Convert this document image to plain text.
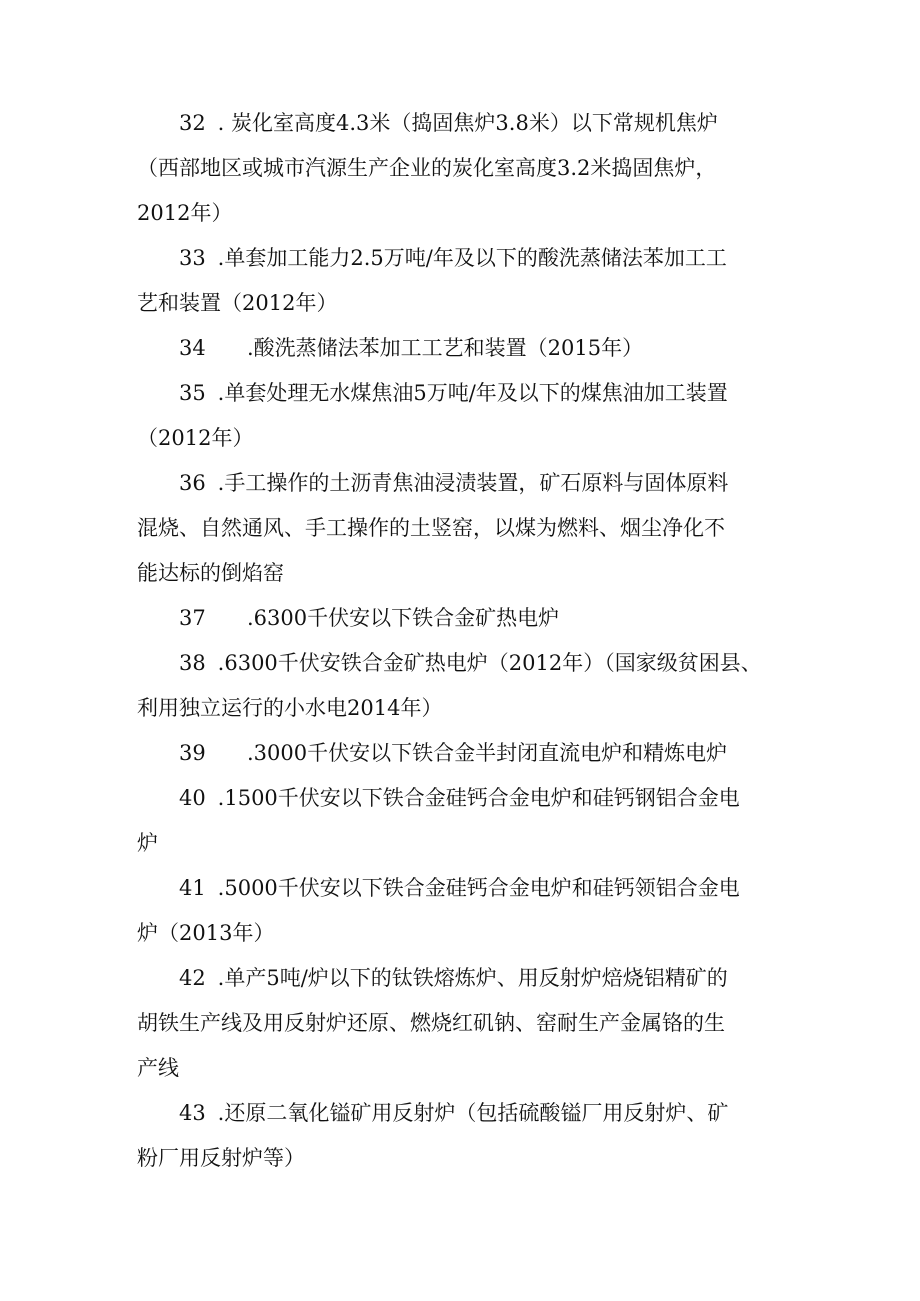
32 . 炭化室高度4.3米（捣固焦炉3.8米）以下常规机焦炉
（西部地区或城市汽源生产企业的炭化室高度3.2米捣固焦炉，
2012年）
33 .单套加工能力2.5万吨/年及以下的酸洗蒸储法苯加工工
艺和装置（2012年）
34 .酸洗蒸储法苯加工工艺和装置（2015年）
35 .单套处理无水煤焦油5万吨/年及以下的煤焦油加工装置
（2012年）
36 .手工操作的土沥青焦油浸渍装置，矿石原料与固体原料
混烧、自然通风、手工操作的土竖窑，以煤为燃料、烟尘净化不
能达标的倒焰窑
37 .6300千伏安以下铁合金矿热电炉
38 .6300千伏安铁合金矿热电炉（2012年）（国家级贫困县、
利用独立运行的小水电2014年）
39 .3000千伏安以下铁合金半封闭直流电炉和精炼电炉
40 .1500千伏安以下铁合金硅钙合金电炉和硅钙钢铝合金电
炉
41 .5000千伏安以下铁合金硅钙合金电炉和硅钙领铝合金电
炉（2013年）
42 .单产5吨/炉以下的钛铁熔炼炉、用反射炉焙烧铝精矿的
胡铁生产线及用反射炉还原、燃烧红矶钠、窑耐生产金属铬的生
产线
43 .还原二氧化镒矿用反射炉（包括硫酸镒厂用反射炉、矿
粉厂用反射炉等）
